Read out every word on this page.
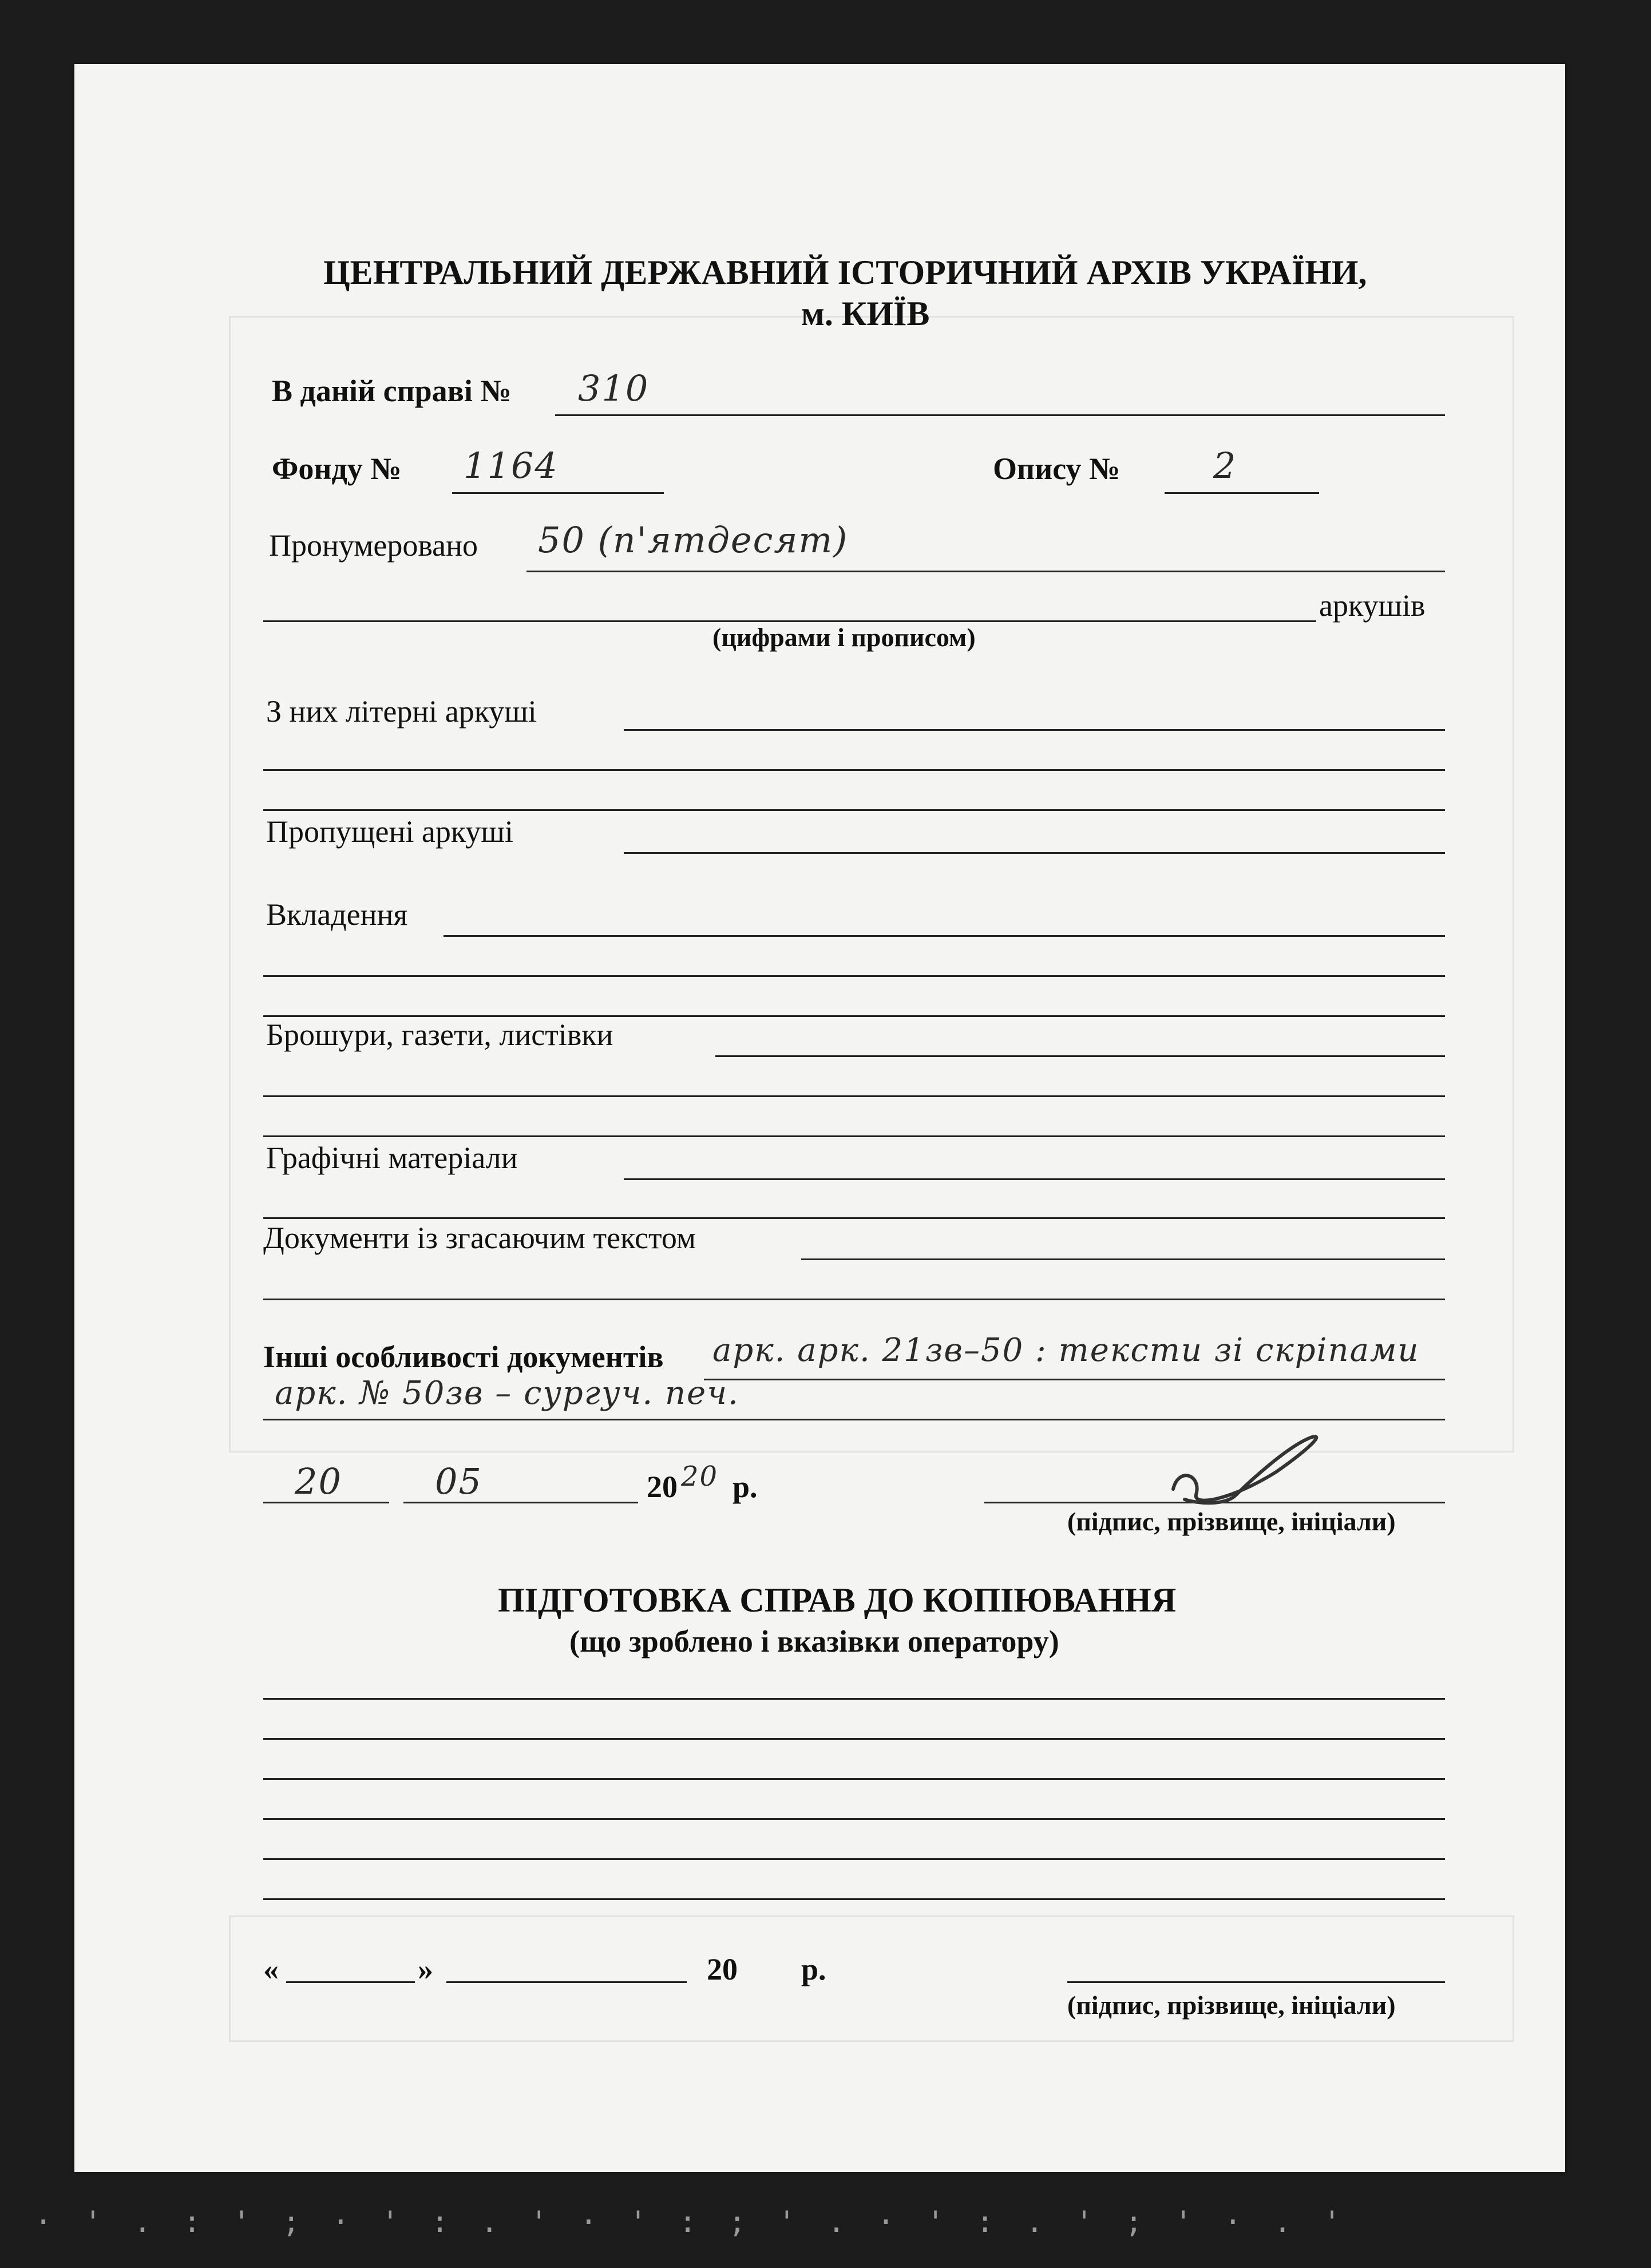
ЦЕНТРАЛЬНИЙ ДЕРЖАВНИЙ ІСТОРИЧНИЙ АРХІВ УКРАЇНИ,
м. КИЇВ
В даній справі № 310
Фонду № 1164	Опису №	2
Пронумеровано 50 (п'ятдесят)
аркушів
(цифрами і прописом)
З них літерні аркуші
Пропущені аркуші
Вкладення
Брошури, газети, листівки
Графічні матеріали
Документи із згасаючим текстом
Інші особливості документів арк. арк. 21зв–50 : тексти зі скріпами
арк. № 50зв – сургуч. печ.
20	05	20 20 р.
(підпис, прізвище, ініціали)
ПІДГОТОВКА СПРАВ ДО КОПІЮВАННЯ
(що зроблено і вказівки оператору)
«	»	20 р.
(підпис, прізвище, ініціали)
· ' . : ' ; · ' : . ' · ' : ; ' . · ' : . ' ; ' · . '
